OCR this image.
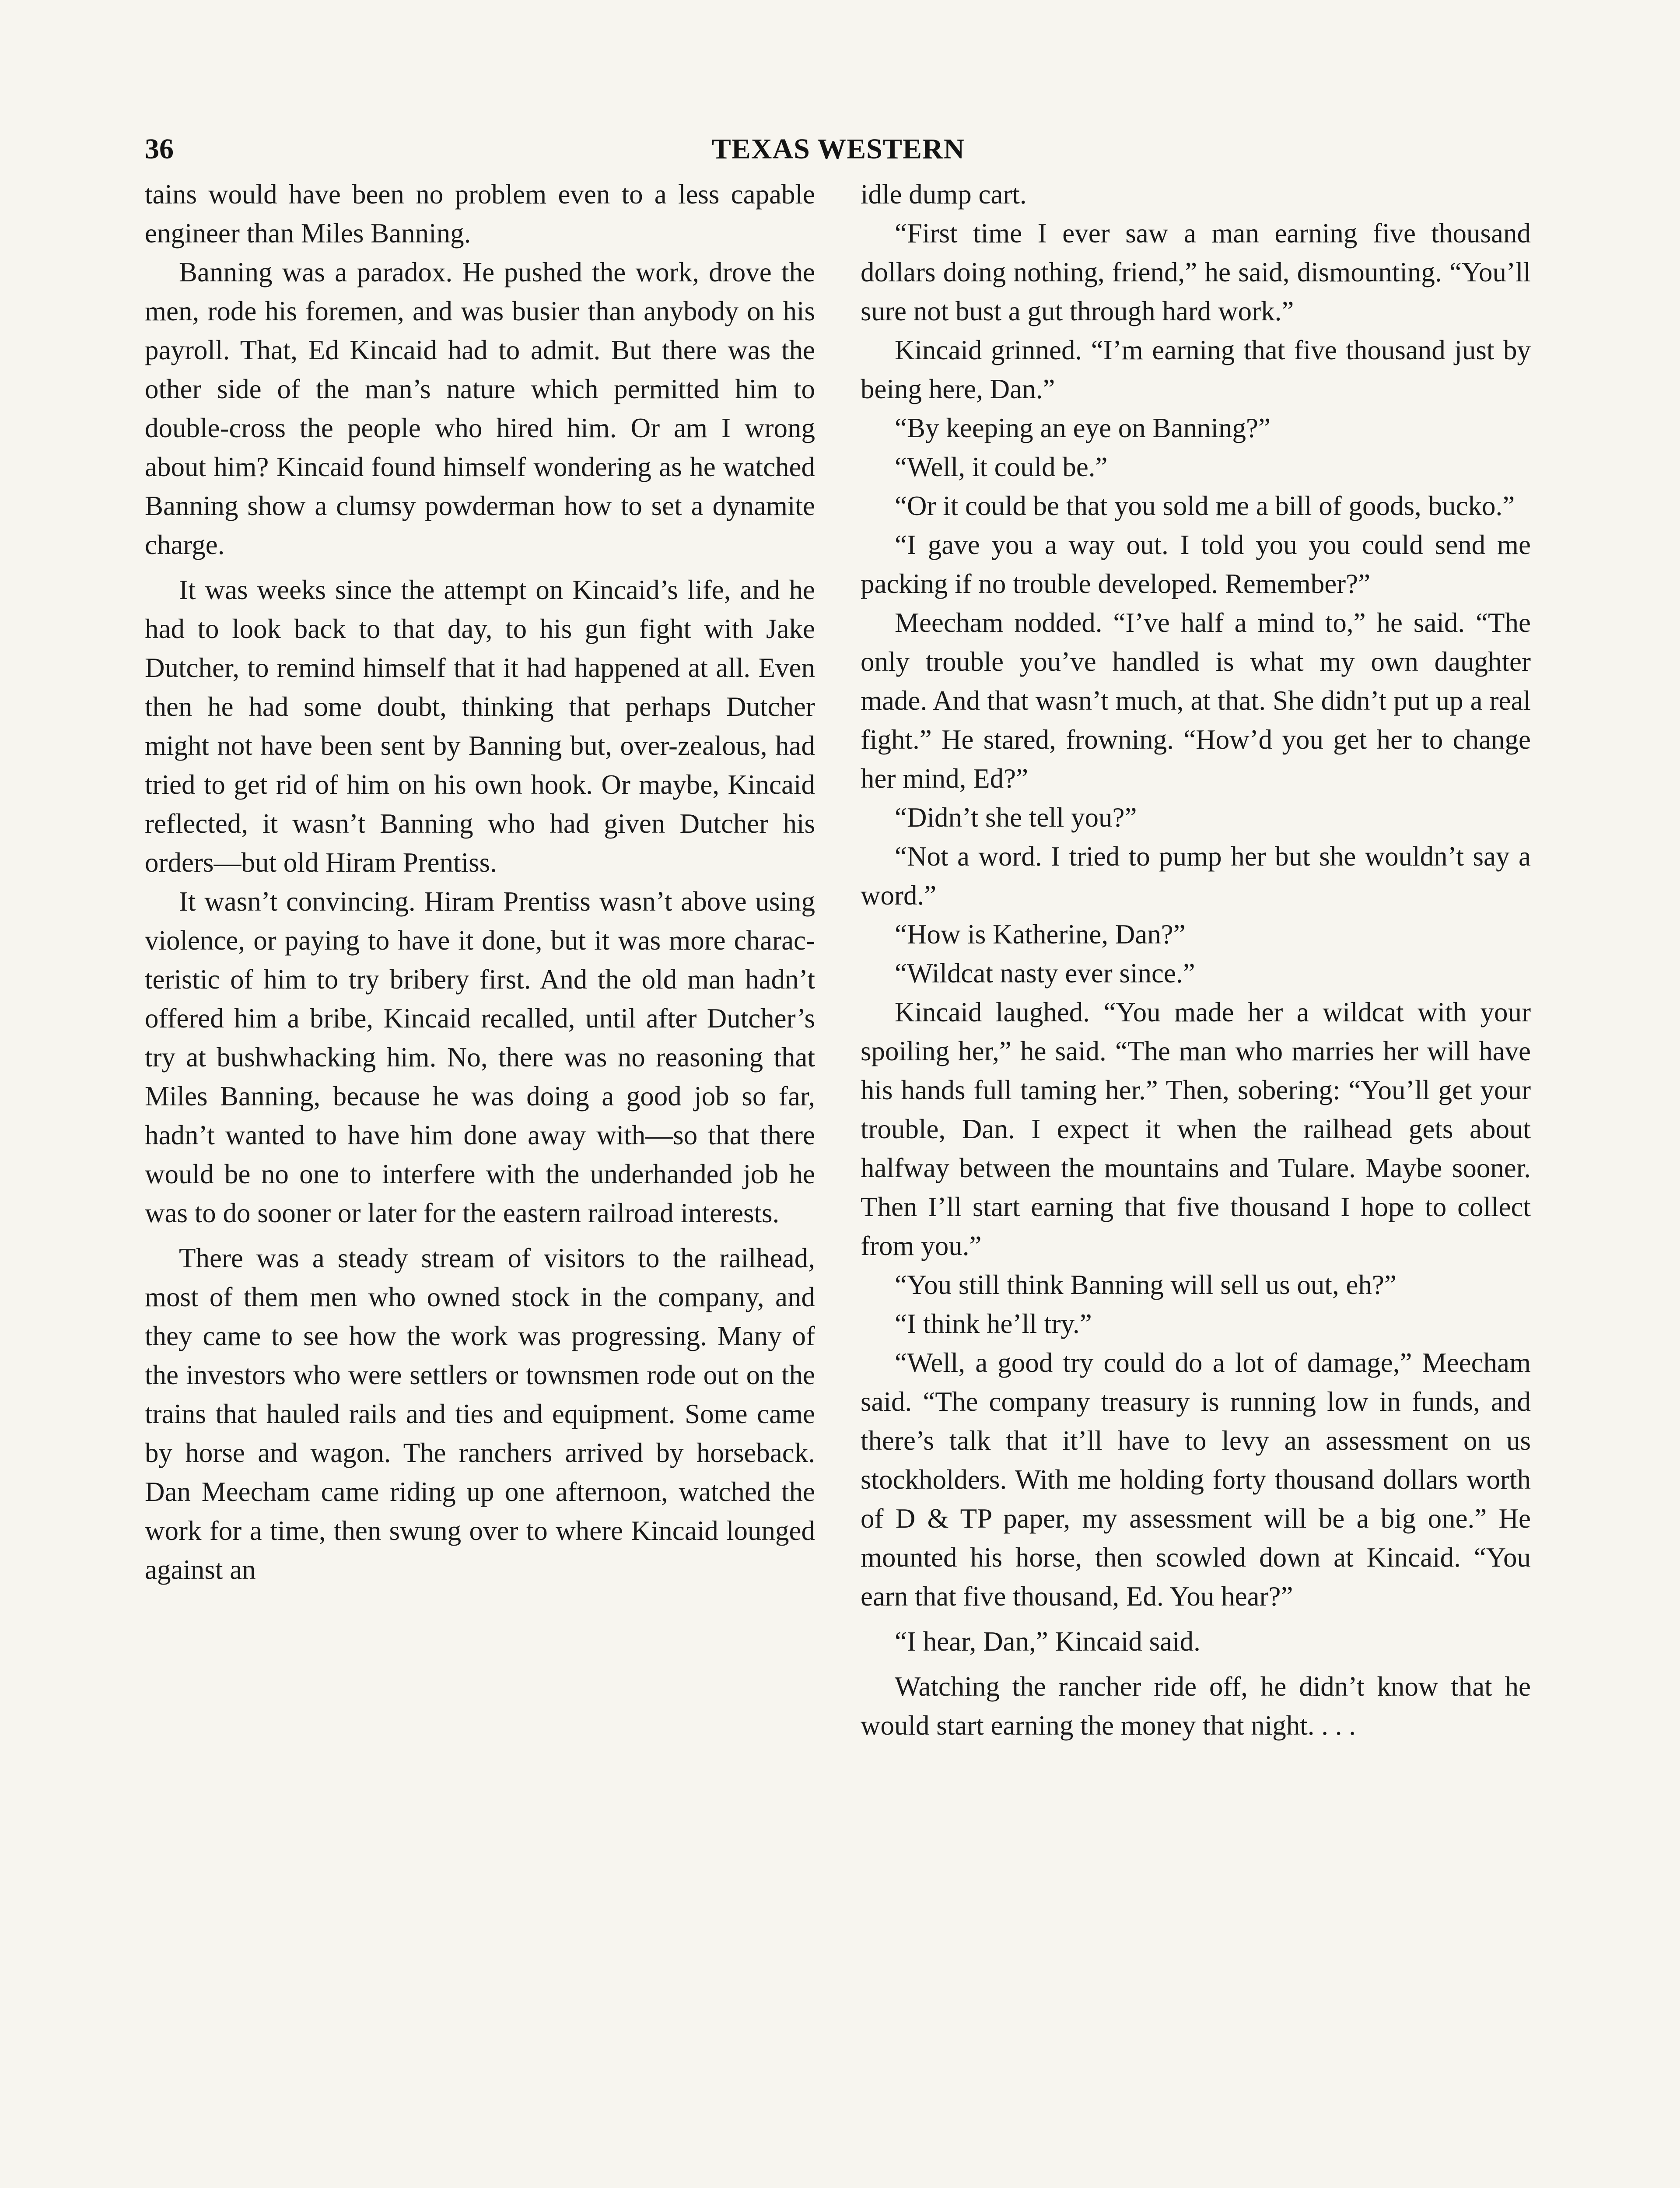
36	TEXAS WESTERN

tains would have been no problem even to a less capable engineer than Miles Banning.

Banning was a paradox. He pushed the work, drove the men, rode his foremen, and was busier than anybody on his payroll. That, Ed Kincaid had to admit. But there was the other side of the man’s nature which permitted him to double-cross the people who hired him. Or am I wrong about him? Kincaid found himself wondering as he watched Banning show a clumsy powderman how to set a dynamite charge.

It was weeks since the attempt on Kincaid’s life, and he had to look back to that day, to his gun fight with Jake Dutcher, to remind himself that it had happened at all. Even then he had some doubt, thinking that perhaps Dutcher might not have been sent by Banning but, over-zealous, had tried to get rid of him on his own hook. Or maybe, Kincaid reflected, it wasn’t Banning who had given Dutcher his orders—but old Hiram Prentiss.

It wasn’t convincing. Hiram Prentiss wasn’t above using violence, or paying to have it done, but it was more characteristic of him to try bribery first. And the old man hadn’t offered him a bribe, Kincaid recalled, until after Dutcher’s try at bushwhacking him. No, there was no reasoning that Miles Banning, because he was doing a good job so far, hadn’t wanted to have him done away with—so that there would be no one to interfere with the underhanded job he was to do sooner or later for the eastern railroad interests.

There was a steady stream of visitors to the railhead, most of them men who owned stock in the company, and they came to see how the work was progressing. Many of the investors who were settlers or townsmen rode out on the trains that hauled rails and ties and equipment. Some came by horse and wagon. The ranchers arrived by horseback. Dan Meecham came riding up one afternoon, watched the work for a time, then swung over to where Kincaid lounged against an

idle dump cart.

“First time I ever saw a man earning five thousand dollars doing nothing, friend,” he said, dismounting. “You’ll sure not bust a gut through hard work.”

Kincaid grinned. “I’m earning that five thousand just by being here, Dan.”

“By keeping an eye on Banning?”

“Well, it could be.”

“Or it could be that you sold me a bill of goods, bucko.”

“I gave you a way out. I told you you could send me packing if no trouble developed. Remember?”

Meecham nodded. “I’ve half a mind to,” he said. “The only trouble you’ve handled is what my own daughter made. And that wasn’t much, at that. She didn’t put up a real fight.” He stared, frowning. “How’d you get her to change her mind, Ed?”

“Didn’t she tell you?”

“Not a word. I tried to pump her but she wouldn’t say a word.”

“How is Katherine, Dan?”

“Wildcat nasty ever since.”

Kincaid laughed. “You made her a wildcat with your spoiling her,” he said. “The man who marries her will have his hands full taming her.” Then, sobering: “You’ll get your trouble, Dan. I expect it when the railhead gets about halfway between the mountains and Tulare. Maybe sooner. Then I’ll start earning that five thousand I hope to collect from you.”

“You still think Banning will sell us out, eh?”

“I think he’ll try.”

“Well, a good try could do a lot of damage,” Meecham said. “The company treasury is running low in funds, and there’s talk that it’ll have to levy an assessment on us stockholders. With me holding forty thousand dollars worth of D & TP paper, my assessment will be a big one.” He mounted his horse, then scowled down at Kincaid. “You earn that five thousand, Ed. You hear?”

“I hear, Dan,” Kincaid said.

Watching the rancher ride off, he didn’t know that he would start earning the money that night. . . .
